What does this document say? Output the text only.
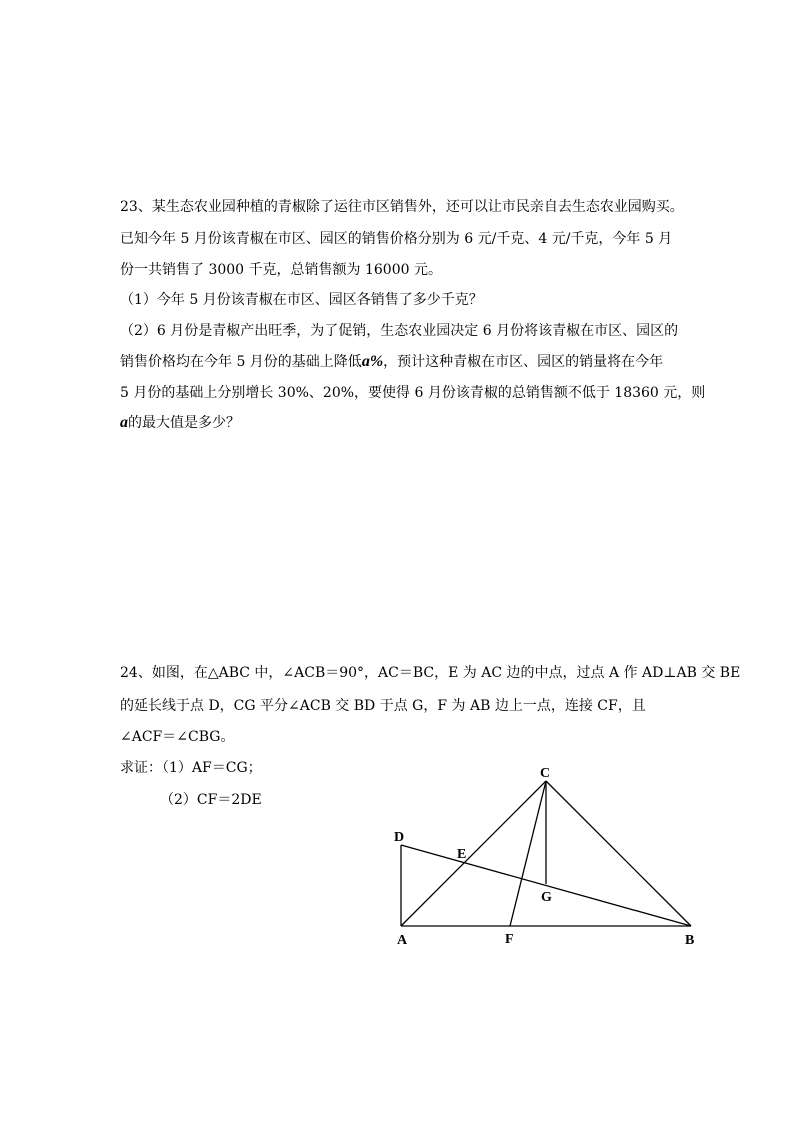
23、某生态农业园种植的青椒除了运往市区销售外，还可以让市民亲自去生态农业园购买。
已知今年 5 月份该青椒在市区、园区的销售价格分别为 6 元/千克、4 元/千克，今年 5 月
份一共销售了 3000 千克，总销售额为 16000 元。
（1）今年 5 月份该青椒在市区、园区各销售了多少千克？
（2）6 月份是青椒产出旺季，为了促销，生态农业园决定 6 月份将该青椒在市区、园区的
销售价格均在今年 5 月份的基础上降低a%，预计这种青椒在市区、园区的销量将在今年
5 月份的基础上分别增长 30%、20%，要使得 6 月份该青椒的总销售额不低于 18360 元，则
a的最大值是多少？
24、如图，在△ABC 中，∠ACB＝90°，AC＝BC，E 为 AC 边的中点，过点 A 作 AD⊥AB 交 BE
的延长线于点 D，CG 平分∠ACB 交 BD 于点 G，F 为 AB 边上一点，连接 CF，且
∠ACF＝∠CBG。
求证：（1）AF＝CG；
（2）CF＝2DE
C
D
E
G
A	F	B
